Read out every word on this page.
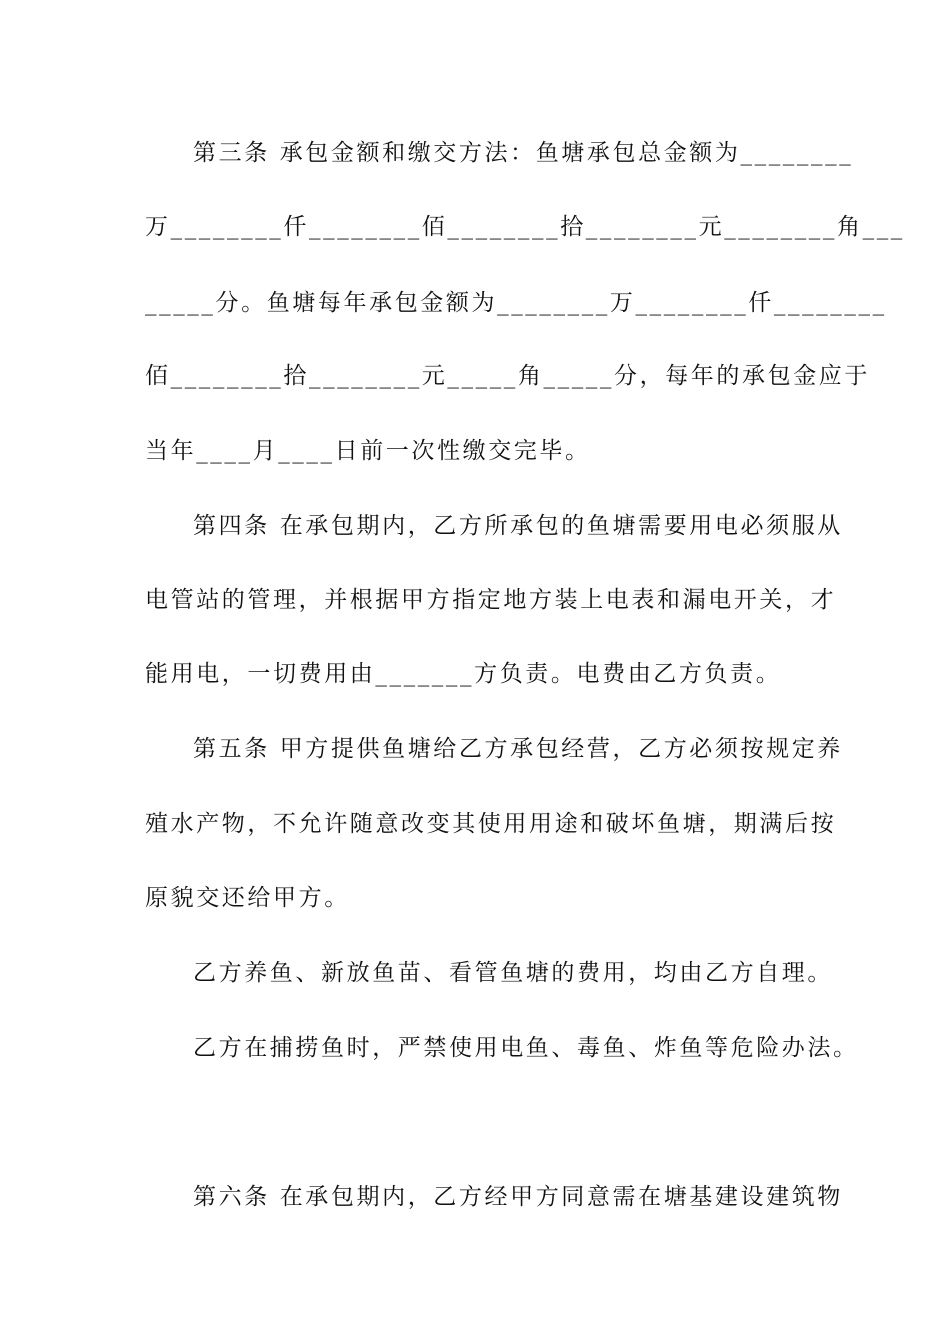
第三条 承包金额和缴交方法：鱼塘承包总金额为________
万________仟________佰________拾________元________角___
_____分。鱼塘每年承包金额为________万________仟________
佰________拾________元_____角_____分，每年的承包金应于
当年____月____日前一次性缴交完毕。
第四条 在承包期内，乙方所承包的鱼塘需要用电必须服从
电管站的管理，并根据甲方指定地方装上电表和漏电开关，才
能用电，一切费用由_______方负责。电费由乙方负责。
第五条 甲方提供鱼塘给乙方承包经营，乙方必须按规定养
殖水产物，不允许随意改变其使用用途和破坏鱼塘，期满后按
原貌交还给甲方。
乙方养鱼、新放鱼苗、看管鱼塘的费用，均由乙方自理。
乙方在捕捞鱼时，严禁使用电鱼、毒鱼、炸鱼等危险办法。
第六条 在承包期内，乙方经甲方同意需在塘基建设建筑物
